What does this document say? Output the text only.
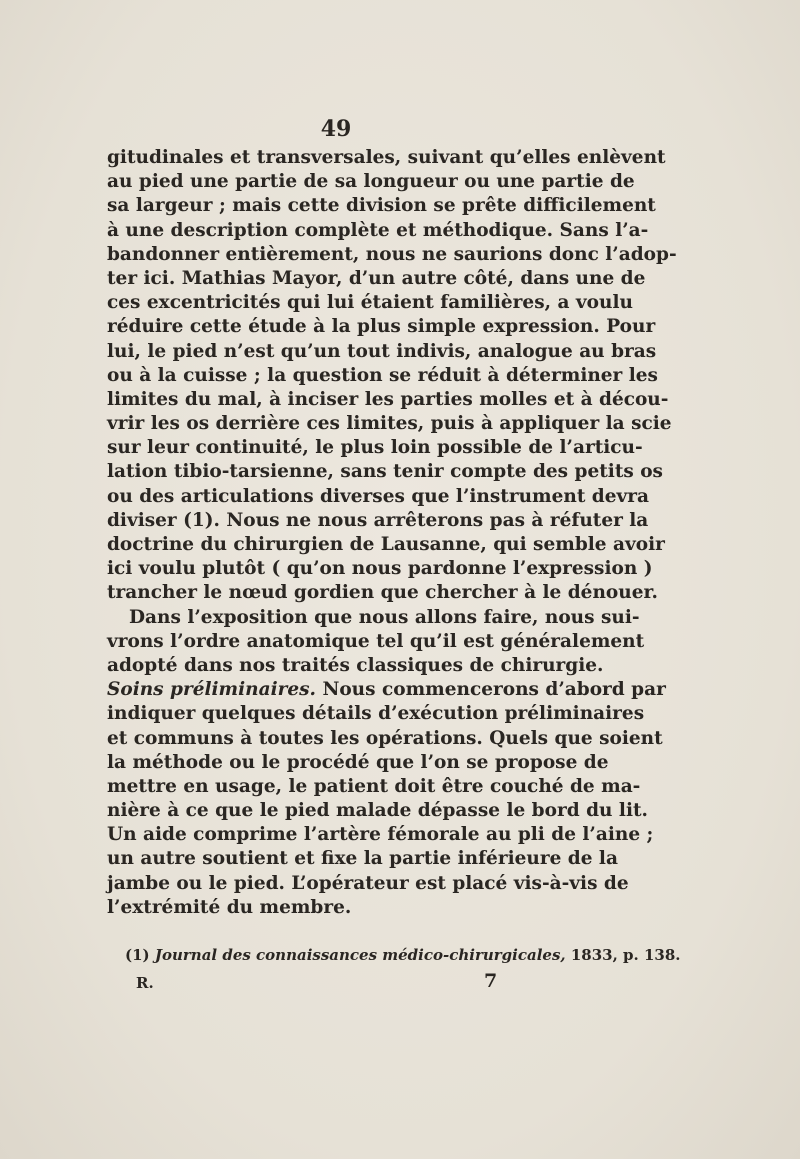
49
gitudinales et transversales, suivant qu’elles enlèvent
au pied une partie de sa longueur ou une partie de
sa largeur ; mais cette division se prête difficilement
à une description complète et méthodique. Sans l’a-
bandonner entièrement, nous ne saurions donc l’adop-
ter ici. Mathias Mayor, d’un autre côté, dans une de
ces excentricités qui lui étaient familières, a voulu
réduire cette étude à la plus simple expression. Pour
lui, le pied n’est qu’un tout indivis, analogue au bras
ou à la cuisse ; la question se réduit à déterminer les
limites du mal, à inciser les parties molles et à décou-
vrir les os derrière ces limites, puis à appliquer la scie
sur leur continuité, le plus loin possible de l’articu-
lation tibio-tarsienne, sans tenir compte des petits os
ou des articulations diverses que l’instrument devra
diviser (1). Nous ne nous arrêterons pas à réfuter la
doctrine du chirurgien de Lausanne, qui semble avoir
ici voulu plutôt ( qu’on nous pardonne l’expression )
trancher le nœud gordien que chercher à le dénouer.
Dans l’exposition que nous allons faire, nous sui-
vrons l’ordre anatomique tel qu’il est généralement
adopté dans nos traités classiques de chirurgie.
Soins préliminaires. Nous commencerons d’abord par
indiquer quelques détails d’exécution préliminaires
et communs à toutes les opérations. Quels que soient
la méthode ou le procédé que l’on se propose de
mettre en usage, le patient doit être couché de ma-
nière à ce que le pied malade dépasse le bord du lit.
Un aide comprime l’artère fémorale au pli de l’aine ;
un autre soutient et fixe la partie inférieure de la
jambe ou le pied. L’opérateur est placé vis-à-vis de
l’extrémité du membre.
(1) Journal des connaissances médico-chirurgicales, 1833, p. 138.
R.	7
